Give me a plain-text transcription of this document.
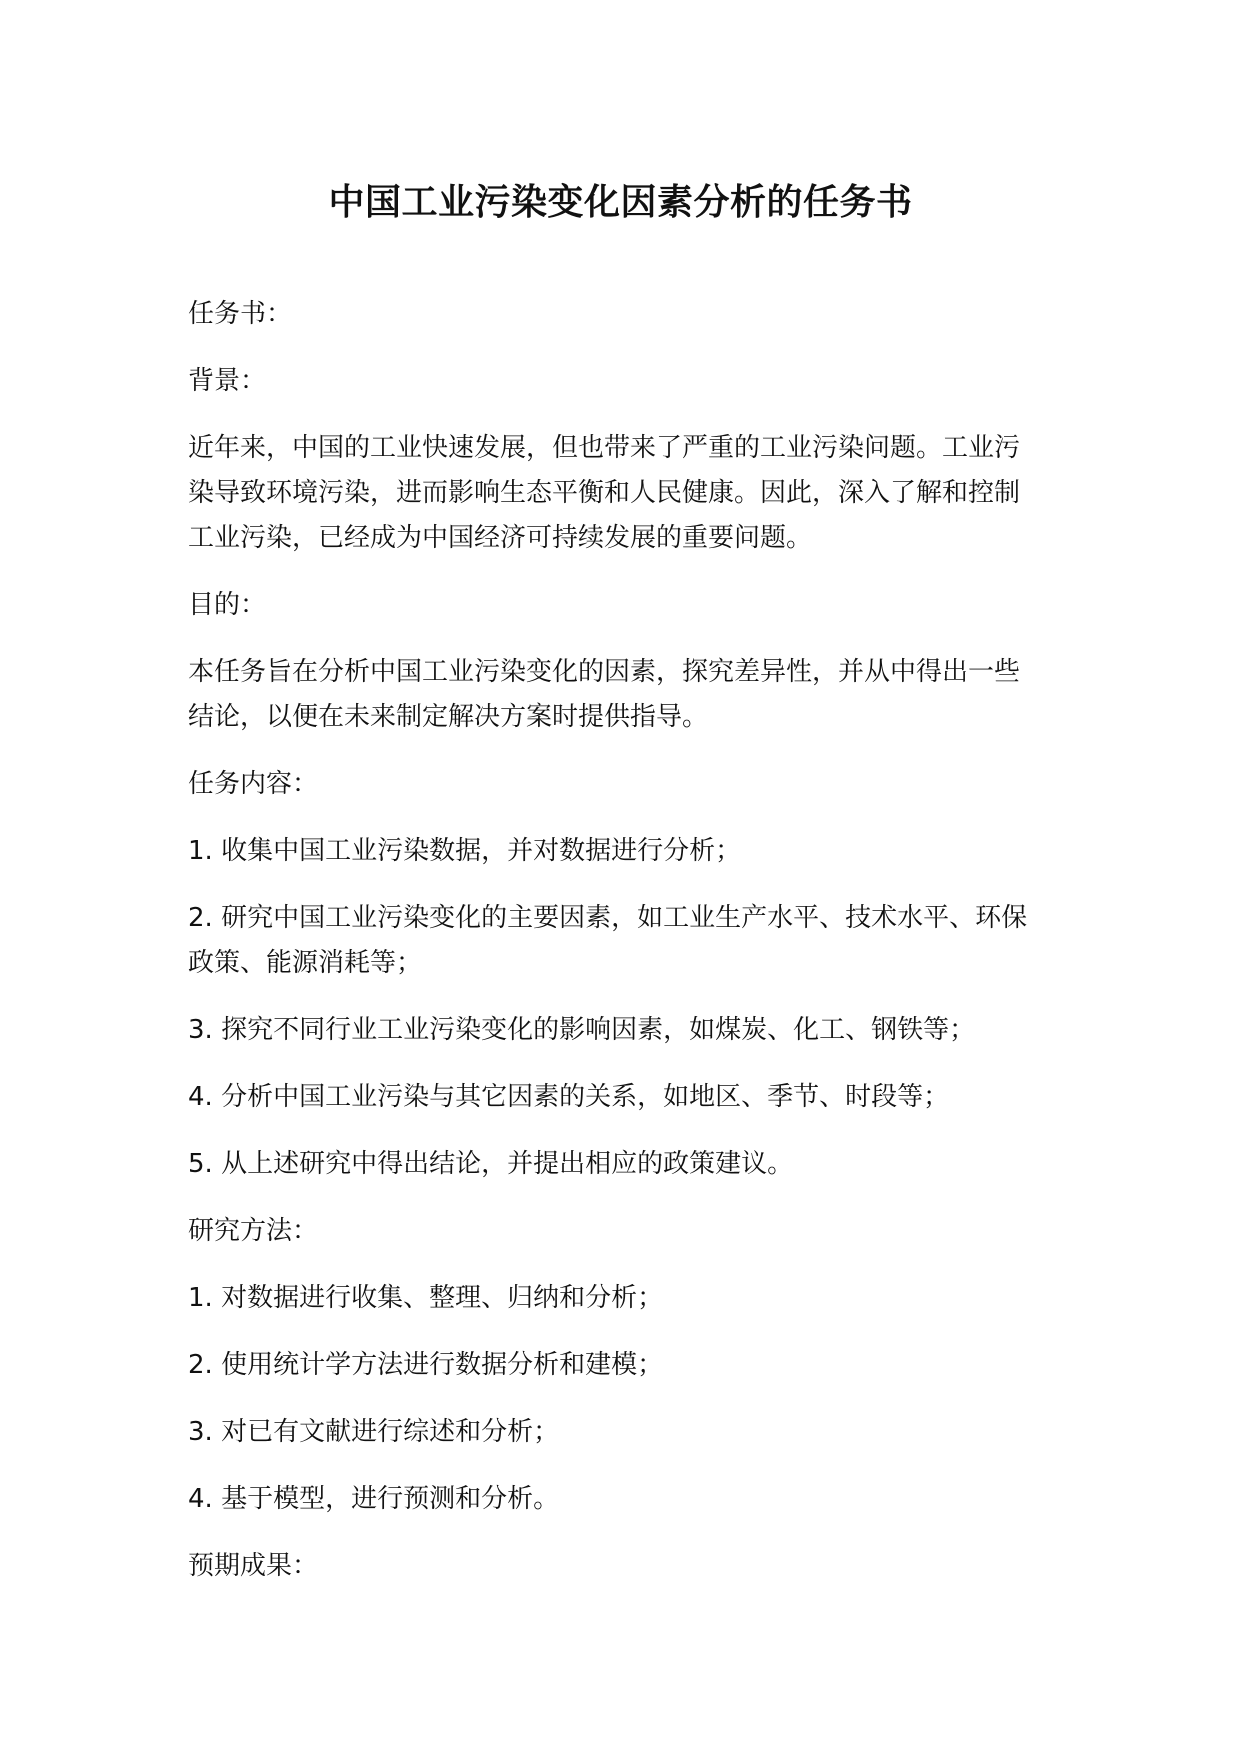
中国工业污染变化因素分析的任务书

任务书：

背景：

近年来，中国的工业快速发展，但也带来了严重的工业污染问题。工业污染导致环境污染，进而影响生态平衡和人民健康。因此，深入了解和控制工业污染，已经成为中国经济可持续发展的重要问题。

目的：

本任务旨在分析中国工业污染变化的因素，探究差异性，并从中得出一些结论，以便在未来制定解决方案时提供指导。

任务内容：

1. 收集中国工业污染数据，并对数据进行分析；

2. 研究中国工业污染变化的主要因素，如工业生产水平、技术水平、环保政策、能源消耗等；

3. 探究不同行业工业污染变化的影响因素，如煤炭、化工、钢铁等；

4. 分析中国工业污染与其它因素的关系，如地区、季节、时段等；

5. 从上述研究中得出结论，并提出相应的政策建议。

研究方法：

1. 对数据进行收集、整理、归纳和分析；

2. 使用统计学方法进行数据分析和建模；

3. 对已有文献进行综述和分析；

4. 基于模型，进行预测和分析。

预期成果：
